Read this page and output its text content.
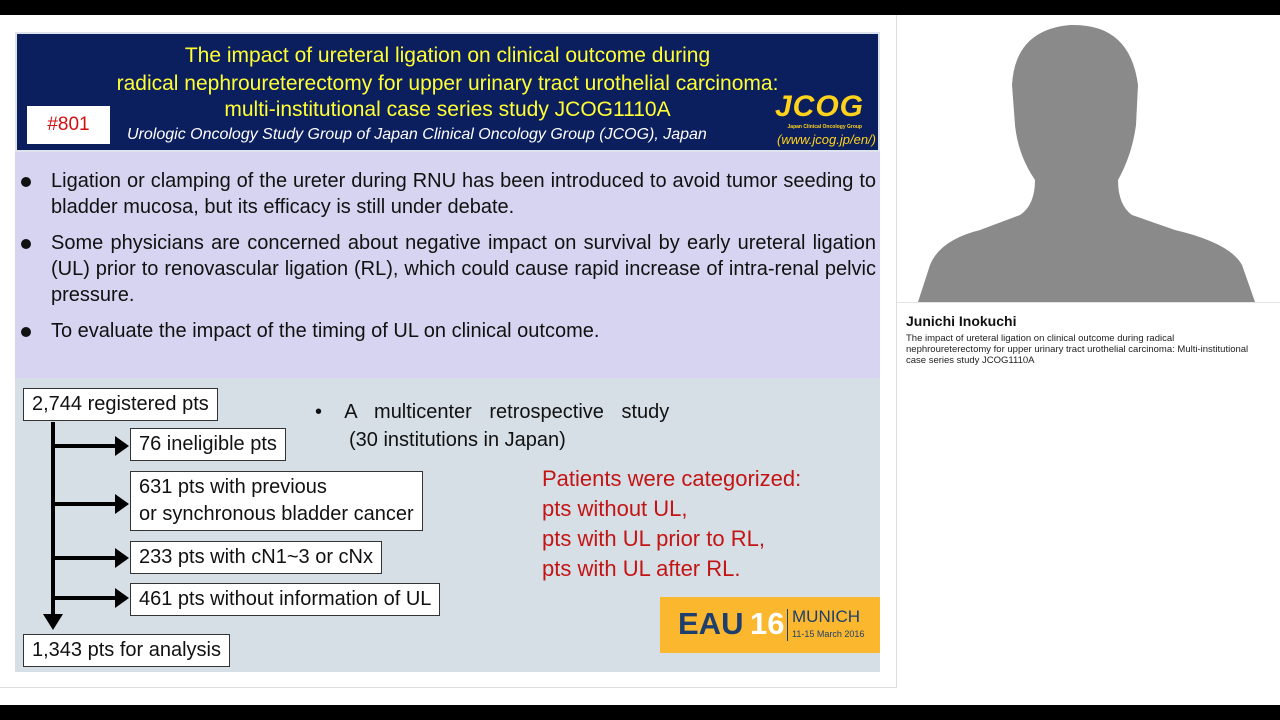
The impact of ureteral ligation on clinical outcome during
radical nephroureterectomy for upper urinary tract urothelial carcinoma:
multi-institutional case series study JCOG1110A
#801	Urologic Oncology Study Group of Japan Clinical Oncology Group (JCOG), Japan
JCOG
Japan Clinical Oncology Group
(www.jcog.jp/en/)
Ligation or clamping of the ureter during RNU has been introduced to avoid tumor seeding to bladder mucosa, but its efficacy is still under debate.
Some physicians are concerned about negative impact on survival by early ureteral ligation (UL) prior to renovascular ligation (RL), which could cause rapid increase of intra-renal pelvic pressure.
To evaluate the impact of the timing of UL on clinical outcome.
2,744 registered pts
76 ineligible pts
631 pts with previous
or synchronous bladder cancer
233 pts with cN1~3 or cNx
461 pts without information of UL
1,343 pts for analysis
•    A multicenter retrospective study
(30 institutions in Japan)
Patients were categorized:
pts without UL,
pts with UL prior to RL,
pts with UL after RL.
EAU 16 MUNICH
11-15 March 2016
Junichi Inokuchi
The impact of ureteral ligation on clinical outcome during radical nephroureterectomy for upper urinary tract urothelial carcinoma: Multi-institutional case series study JCOG1110A
